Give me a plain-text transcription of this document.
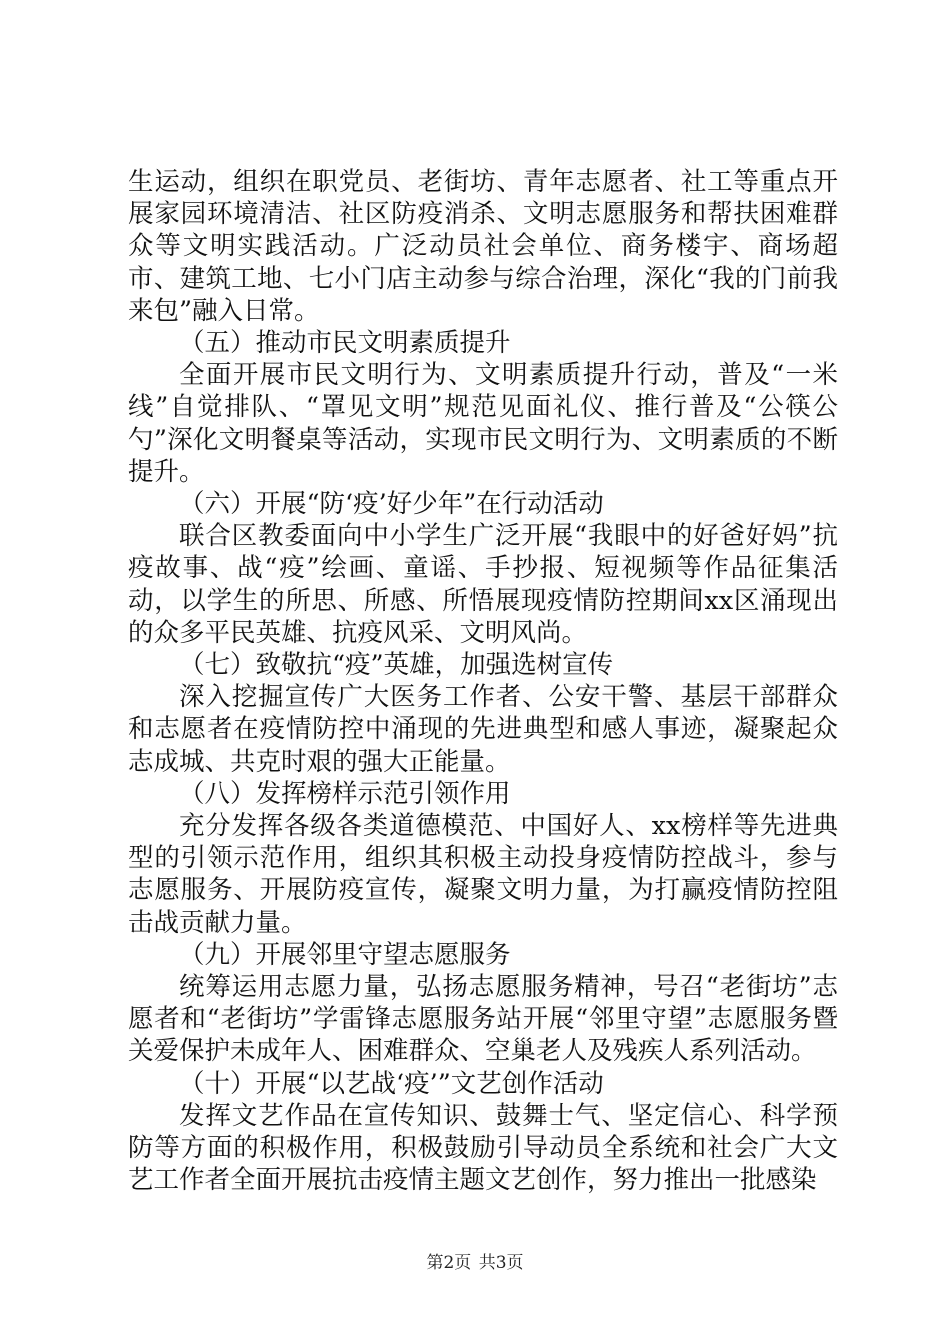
生运动，组织在职党员、老街坊、青年志愿者、社工等重点开展家园环境清洁、社区防疫消杀、文明志愿服务和帮扶困难群众等文明实践活动。广泛动员社会单位、商务楼宇、商场超市、建筑工地、七小门店主动参与综合治理，深化“我的门前我来包”融入日常。

（五）推动市民文明素质提升

全面开展市民文明行为、文明素质提升行动，普及“一米线”自觉排队、“罩见文明”规范见面礼仪、推行普及“公筷公勺”深化文明餐桌等活动，实现市民文明行为、文明素质的不断提升。

（六）开展“防‘疫’好少年”在行动活动

联合区教委面向中小学生广泛开展“我眼中的好爸好妈”抗疫故事、战“疫”绘画、童谣、手抄报、短视频等作品征集活动，以学生的所思、所感、所悟展现疫情防控期间xx区涌现出的众多平民英雄、抗疫风采、文明风尚。

（七）致敬抗“疫”英雄，加强选树宣传

深入挖掘宣传广大医务工作者、公安干警、基层干部群众和志愿者在疫情防控中涌现的先进典型和感人事迹，凝聚起众志成城、共克时艰的强大正能量。

（八）发挥榜样示范引领作用

充分发挥各级各类道德模范、中国好人、xx榜样等先进典型的引领示范作用，组织其积极主动投身疫情防控战斗，参与志愿服务、开展防疫宣传，凝聚文明力量，为打赢疫情防控阻击战贡献力量。

（九）开展邻里守望志愿服务

统筹运用志愿力量，弘扬志愿服务精神，号召“老街坊”志愿者和“老街坊”学雷锋志愿服务站开展“邻里守望”志愿服务暨关爱保护未成年人、困难群众、空巢老人及残疾人系列活动。

（十）开展“以艺战‘疫’”文艺创作活动

发挥文艺作品在宣传知识、鼓舞士气、坚定信心、科学预防等方面的积极作用，积极鼓励引导动员全系统和社会广大文艺工作者全面开展抗击疫情主题文艺创作，努力推出一批感染

第2页 共3页
